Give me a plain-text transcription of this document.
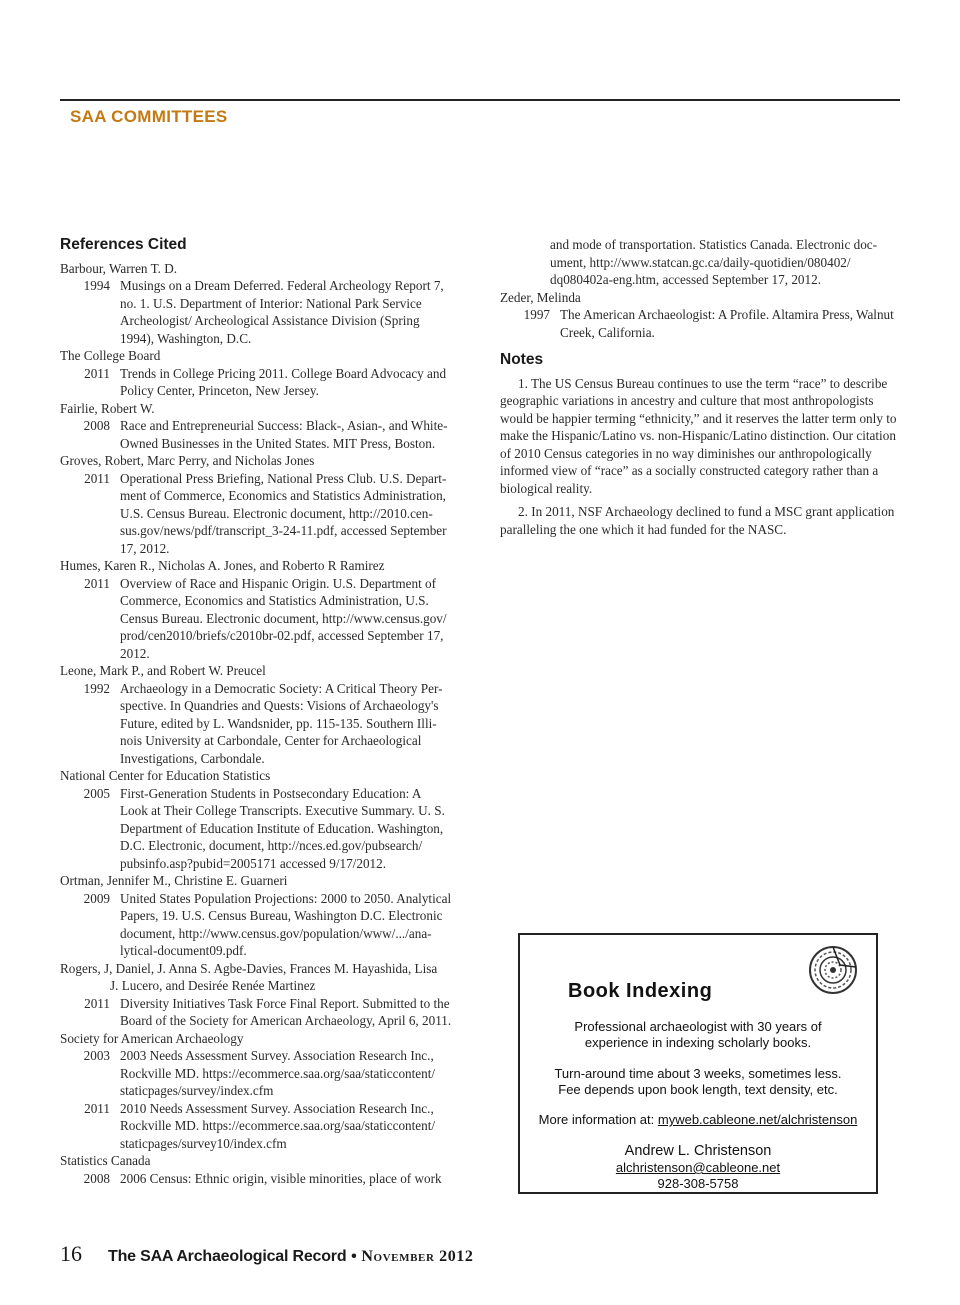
SAA COMMITTEES
References Cited
Barbour, Warren T. D.
1994 Musings on a Dream Deferred. Federal Archeology Report 7,
no. 1. U.S. Department of Interior: National Park Service
Archeologist/ Archeological Assistance Division (Spring
1994), Washington, D.C.
The College Board
2011 Trends in College Pricing 2011. College Board Advocacy and
Policy Center, Princeton, New Jersey.
Fairlie, Robert W.
2008 Race and Entrepreneurial Success: Black-, Asian-, and White-
Owned Businesses in the United States. MIT Press, Boston.
Groves, Robert, Marc Perry, and Nicholas Jones
2011 Operational Press Briefing, National Press Club. U.S. Depart-
ment of Commerce, Economics and Statistics Administration,
U.S. Census Bureau. Electronic document, http://2010.cen-
sus.gov/news/pdf/transcript_3-24-11.pdf, accessed September
17, 2012.
Humes, Karen R., Nicholas A. Jones, and Roberto R Ramirez
2011 Overview of Race and Hispanic Origin. U.S. Department of
Commerce, Economics and Statistics Administration, U.S.
Census Bureau. Electronic document, http://www.census.gov/
prod/cen2010/briefs/c2010br-02.pdf, accessed September 17,
2012.
Leone, Mark P., and Robert W. Preucel
1992 Archaeology in a Democratic Society: A Critical Theory Per-
spective. In Quandries and Quests: Visions of Archaeology's
Future, edited by L. Wandsnider, pp. 115-135. Southern Illi-
nois University at Carbondale, Center for Archaeological
Investigations, Carbondale.
National Center for Education Statistics
2005 First-Generation Students in Postsecondary Education: A
Look at Their College Transcripts. Executive Summary. U. S.
Department of Education Institute of Education. Washington,
D.C. Electronic, document, http://nces.ed.gov/pubsearch/
pubsinfo.asp?pubid=2005171 accessed 9/17/2012.
Ortman, Jennifer M., Christine E. Guarneri
2009 United States Population Projections: 2000 to 2050. Analytical
Papers, 19. U.S. Census Bureau, Washington D.C. Electronic
document, http://www.census.gov/population/www/.../ana-
lytical-document09.pdf.
Rogers, J, Daniel, J. Anna S. Agbe-Davies, Frances M. Hayashida, Lisa
J. Lucero, and Desirée Renée Martinez
2011 Diversity Initiatives Task Force Final Report. Submitted to the
Board of the Society for American Archaeology, April 6, 2011.
Society for American Archaeology
2003 2003 Needs Assessment Survey. Association Research Inc.,
Rockville MD. https://ecommerce.saa.org/saa/staticcontent/
staticpages/survey/index.cfm
2011 2010 Needs Assessment Survey. Association Research Inc.,
Rockville MD. https://ecommerce.saa.org/saa/staticcontent/
staticpages/survey10/index.cfm
Statistics Canada
2008 2006 Census: Ethnic origin, visible minorities, place of work
and mode of transportation. Statistics Canada. Electronic doc-
ument, http://www.statcan.gc.ca/daily-quotidien/080402/
dq080402a-eng.htm, accessed September 17, 2012.
Zeder, Melinda
1997 The American Archaeologist: A Profile. Altamira Press, Walnut
Creek, California.
Notes

1. The US Census Bureau continues to use the term “race” to describe geographic variations in ancestry and culture that most anthropologists would be happier terming “ethnicity,” and it reserves the latter term only to make the Hispanic/Latino vs. non-Hispanic/Latino distinction. Our citation of 2010 Census categories in no way diminishes our anthropologically informed view of “race” as a socially constructed category rather than a biological reality.

2. In 2011, NSF Archaeology declined to fund a MSC grant application paralleling the one which it had funded for the NASC.

Book Indexing

Professional archaeologist with 30 years of

experience in indexing scholarly books.

Turn-around time about 3 weeks, sometimes less.

Fee depends upon book length, text density, etc.

More information at: myweb.cableone.net/alchristenson

Andrew L. Christenson

alchristenson@cableone.net

928-308-5758

16 The SAA Archaeological Record • November 2012
